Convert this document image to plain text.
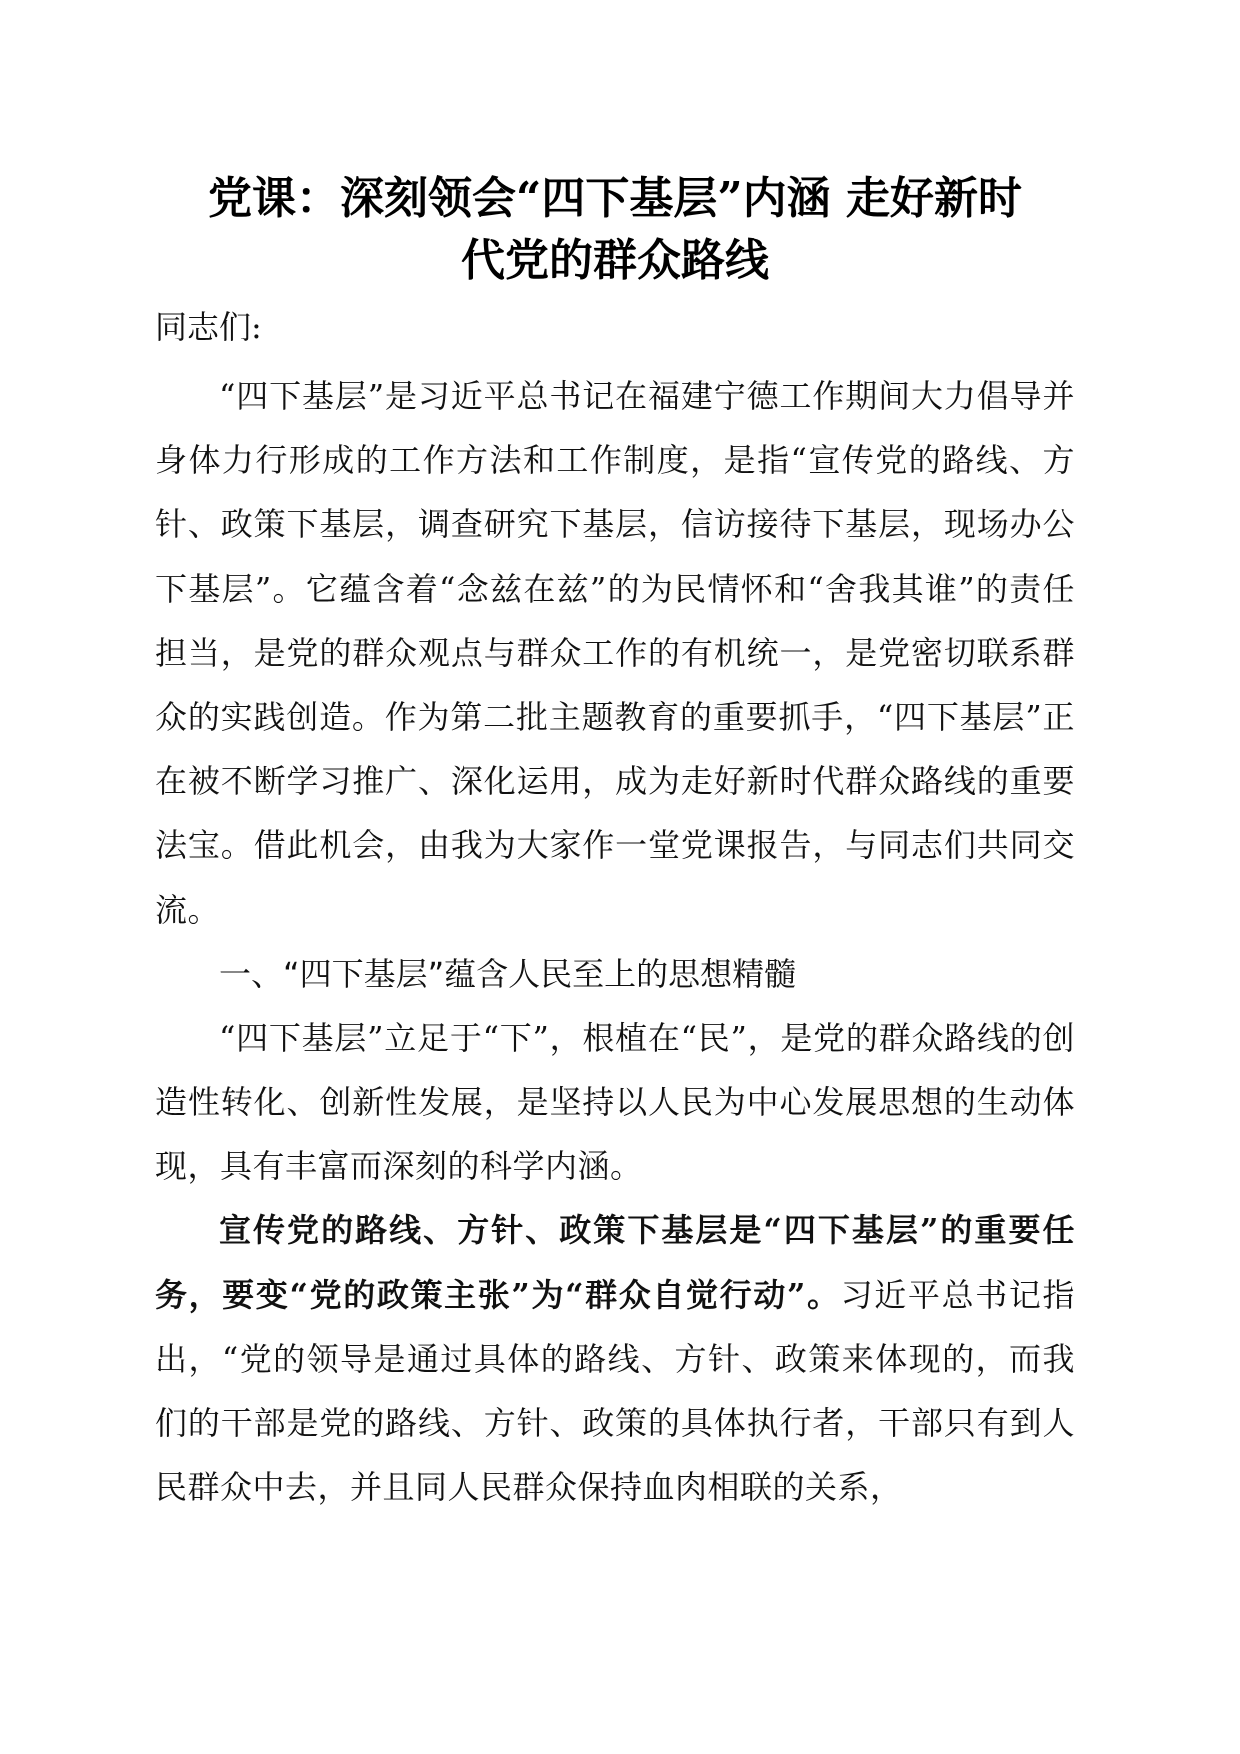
党课：深刻领会“四下基层”内涵 走好新时
代党的群众路线

同志们:

“四下基层”是习近平总书记在福建宁德工作期间大力倡导并身体力行形成的工作方法和工作制度，是指“宣传党的路线、方针、政策下基层，调查研究下基层，信访接待下基层，现场办公下基层”。它蕴含着“念兹在兹”的为民情怀和“舍我其谁”的责任担当，是党的群众观点与群众工作的有机统一，是党密切联系群众的实践创造。作为第二批主题教育的重要抓手，“四下基层”正在被不断学习推广、深化运用，成为走好新时代群众路线的重要法宝。借此机会，由我为大家作一堂党课报告，与同志们共同交流。

一、“四下基层”蕴含人民至上的思想精髓

“四下基层”立足于“下”，根植在“民”，是党的群众路线的创造性转化、创新性发展，是坚持以人民为中心发展思想的生动体现，具有丰富而深刻的科学内涵。

宣传党的路线、方针、政策下基层是“四下基层”的重要任务，要变“党的政策主张”为“群众自觉行动”。习近平总书记指出，“党的领导是通过具体的路线、方针、政策来体现的，而我们的干部是党的路线、方针、政策的具体执行者，干部只有到人民群众中去，并且同人民群众保持血肉相联的关系，
